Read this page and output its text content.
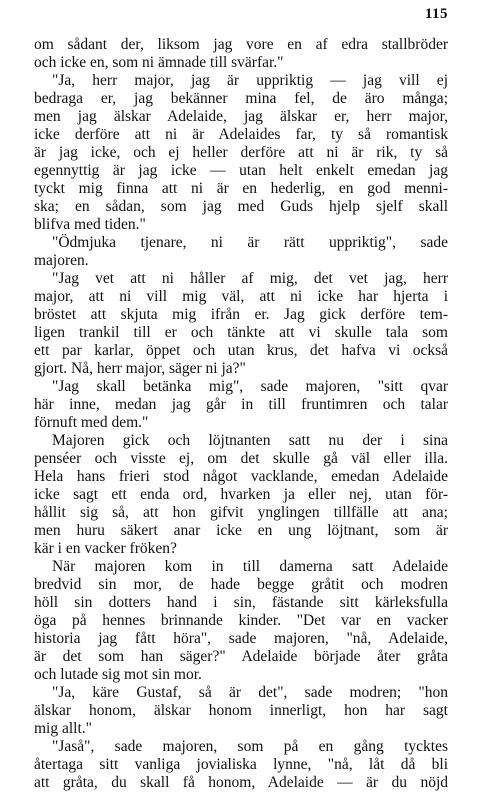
115
om sådant der, liksom jag vore en af edra stallbröder
och icke en, som ni ämnade till svärfar."
"Ja, herr major, jag är uppriktig — jag vill ej
bedraga er, jag bekänner mina fel, de äro många;
men jag älskar Adelaide, jag älskar er, herr major,
icke derföre att ni är Adelaides far, ty så romantisk
är jag icke, och ej heller derföre att ni är rik, ty så
egennyttig är jag icke — utan helt enkelt emedan jag
tyckt mig finna att ni är en hederlig, en god menni-
ska; en sådan, som jag med Guds hjelp sjelf skall
blifva med tiden."
"Ödmjuka tjenare, ni är rätt uppriktig", sade
majoren.
"Jag vet att ni håller af mig, det vet jag, herr
major, att ni vill mig väl, att ni icke har hjerta i
bröstet att skjuta mig ifrån er. Jag gick derföre tem-
ligen trankil till er och tänkte att vi skulle tala som
ett par karlar, öppet och utan krus, det hafva vi också
gjort. Nå, herr major, säger ni ja?"
"Jag skall betänka mig", sade majoren, "sitt qvar
här inne, medan jag går in till fruntimren och talar
förnuft med dem."
Majoren gick och löjtnanten satt nu der i sina
penséer och visste ej, om det skulle gå väl eller illa.
Hela hans frieri stod något vacklande, emedan Adelaide
icke sagt ett enda ord, hvarken ja eller nej, utan för-
hållit sig så, att hon gifvit ynglingen tillfälle att ana;
men huru säkert anar icke en ung löjtnant, som är
kär i en vacker fröken?
När majoren kom in till damerna satt Adelaide
bredvid sin mor, de hade begge gråtit och modren
höll sin dotters hand i sin, fästande sitt kärleksfulla
öga på hennes brinnande kinder. "Det var en vacker
historia jag fått höra", sade majoren, "nå, Adelaide,
är det som han säger?" Adelaide började åter gråta
och lutade sig mot sin mor.
"Ja, käre Gustaf, så är det", sade modren; "hon
älskar honom, älskar honom innerligt, hon har sagt
mig allt."
"Jaså", sade majoren, som på en gång tycktes
återtaga sitt vanliga jovialiska lynne, "nå, låt då bli
att gråta, du skall få honom, Adelaide — är du nöjd
